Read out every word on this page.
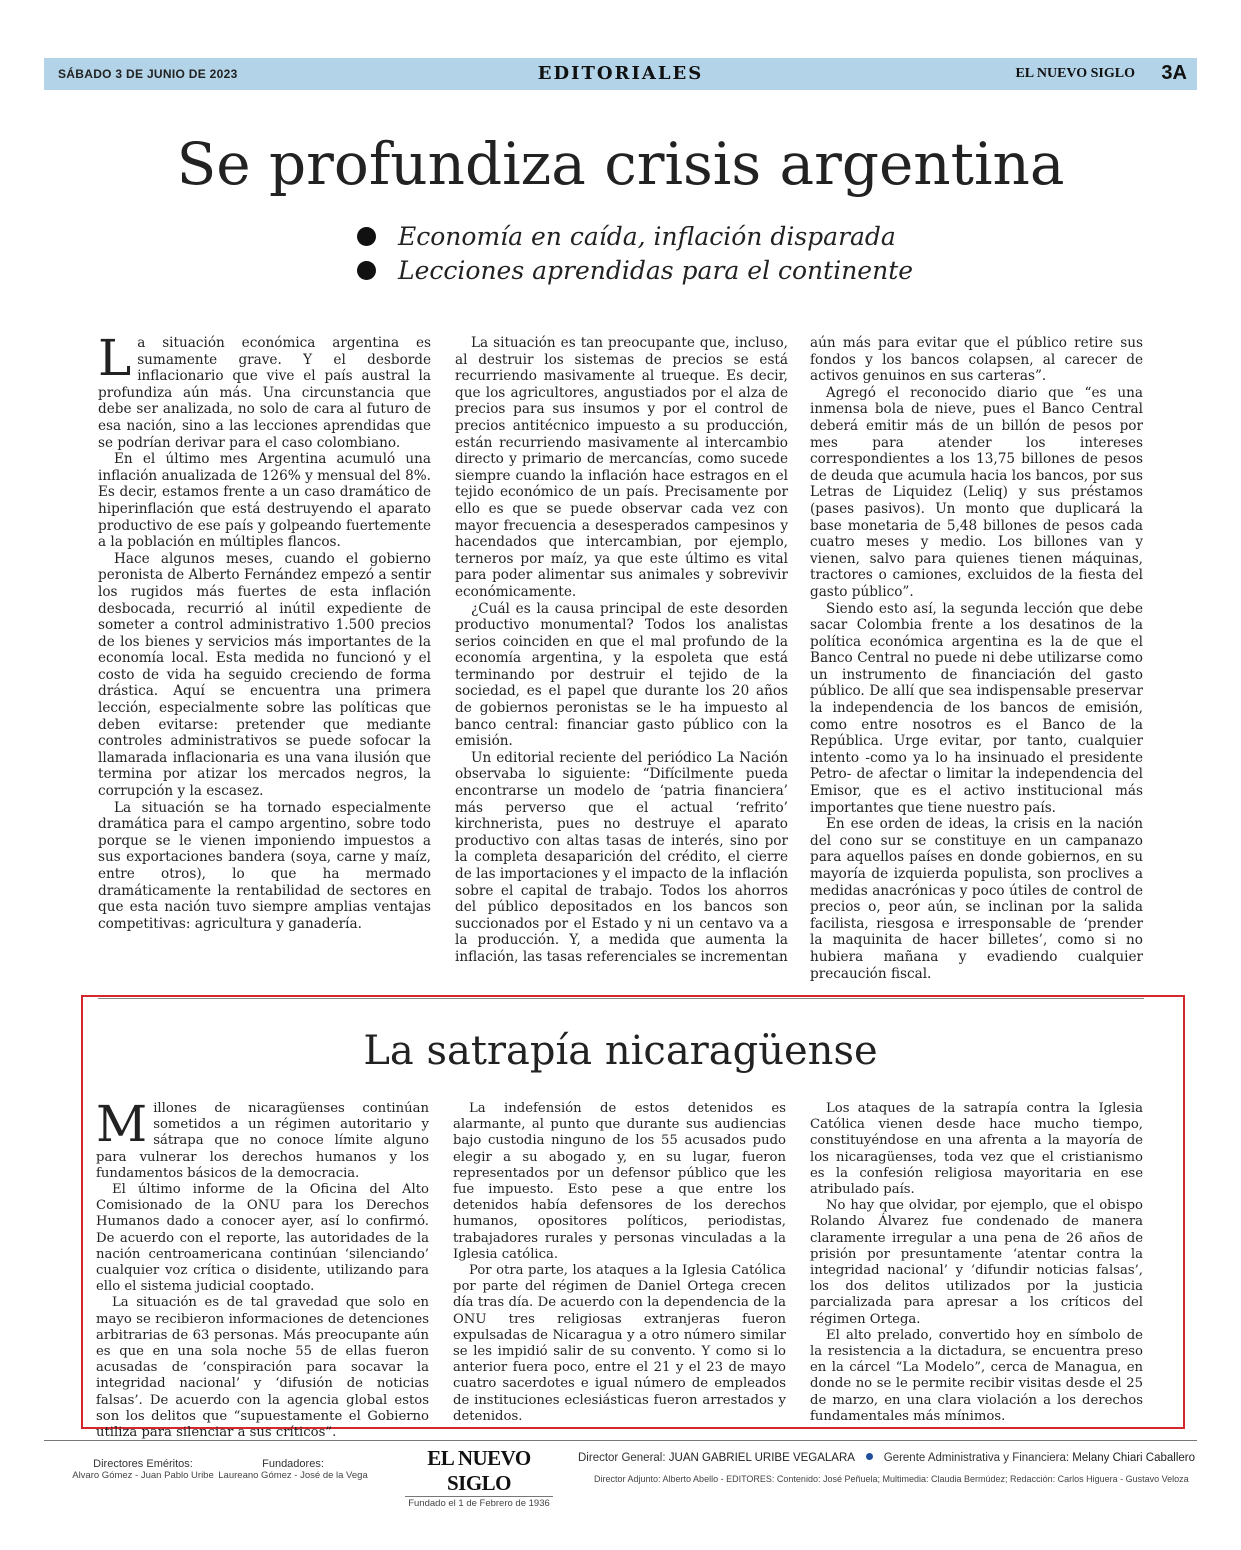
SÁBADO 3 DE JUNIO DE 2023	EDITORIALES	EL NUEVO SIGLO 3A
Se profundiza crisis argentina
Economía en caída, inflación disparada
Lecciones aprendidas para el continente

La situación económica argentina es sumamente grave. Y el desborde inflacionario que vive el país austral la profundiza aún más. Una circunstancia que debe ser analizada, no solo de cara al futuro de esa nación, sino a las lecciones aprendidas que se podrían derivar para el caso colombiano.

En el último mes Argentina acumuló una inflación anualizada de 126% y mensual del 8%. Es decir, estamos frente a un caso dramático de hiperinflación que está destruyendo el aparato productivo de ese país y golpeando fuertemente a la población en múltiples flancos.

Hace algunos meses, cuando el gobierno peronista de Alberto Fernández empezó a sentir los rugidos más fuertes de esta inflación desbocada, recurrió al inútil expediente de someter a control administrativo 1.500 precios de los bienes y servicios más importantes de la economía local. Esta medida no funcionó y el costo de vida ha seguido creciendo de forma drástica. Aquí se encuentra una primera lección, especialmente sobre las políticas que deben evitarse: pretender que mediante controles administrativos se puede sofocar la llamarada inflacionaria es una vana ilusión que termina por atizar los mercados negros, la corrupción y la escasez.

La situación se ha tornado especialmente dramática para el campo argentino, sobre todo porque se le vienen imponiendo impuestos a sus exportaciones bandera (soya, carne y maíz, entre otros), lo que ha mermado dramáticamente la rentabilidad de sectores en que esta nación tuvo siempre amplias ventajas competitivas: agricultura y ganadería.

La situación es tan preocupante que, incluso, al destruir los sistemas de precios se está recurriendo masivamente al trueque. Es decir, que los agricultores, angustiados por el alza de precios para sus insumos y por el control de precios antitécnico impuesto a su producción, están recurriendo masivamente al intercambio directo y primario de mercancías, como sucede siempre cuando la inflación hace estragos en el tejido económico de un país. Precisamente por ello es que se puede observar cada vez con mayor frecuencia a desesperados campesinos y hacendados que intercambian, por ejemplo, terneros por maíz, ya que este último es vital para poder alimentar sus animales y sobrevivir económicamente.

¿Cuál es la causa principal de este desorden productivo monumental? Todos los analistas serios coinciden en que el mal profundo de la economía argentina, y la espoleta que está terminando por destruir el tejido de la sociedad, es el papel que durante los 20 años de gobiernos peronistas se le ha impuesto al banco central: financiar gasto público con la emisión.

Un editorial reciente del periódico La Nación observaba lo siguiente: “Difícilmente pueda encontrarse un modelo de ‘patria financiera’ más perverso que el actual ‘refrito’ kirchnerista, pues no destruye el aparato productivo con altas tasas de interés, sino por la completa desaparición del crédito, el cierre de las importaciones y el impacto de la inflación sobre el capital de trabajo. Todos los ahorros del público depositados en los bancos son succionados por el Estado y ni un centavo va a la producción. Y, a medida que aumenta la inflación, las tasas referenciales se incrementan

aún más para evitar que el público retire sus fondos y los bancos colapsen, al carecer de activos genuinos en sus carteras”.

Agregó el reconocido diario que “es una inmensa bola de nieve, pues el Banco Central deberá emitir más de un billón de pesos por mes para atender los intereses correspondientes a los 13,75 billones de pesos de deuda que acumula hacia los bancos, por sus Letras de Liquidez (Leliq) y sus préstamos (pases pasivos). Un monto que duplicará la base monetaria de 5,48 billones de pesos cada cuatro meses y medio. Los billones van y vienen, salvo para quienes tienen máquinas, tractores o camiones, excluidos de la fiesta del gasto público”.

Siendo esto así, la segunda lección que debe sacar Colombia frente a los desatinos de la política económica argentina es la de que el Banco Central no puede ni debe utilizarse como un instrumento de financiación del gasto público. De allí que sea indispensable preservar la independencia de los bancos de emisión, como entre nosotros es el Banco de la República. Urge evitar, por tanto, cualquier intento -como ya lo ha insinuado el presidente Petro- de afectar o limitar la independencia del Emisor, que es el activo institucional más importantes que tiene nuestro país.

En ese orden de ideas, la crisis en la nación del cono sur se constituye en un campanazo para aquellos países en donde gobiernos, en su mayoría de izquierda populista, son proclives a medidas anacrónicas y poco útiles de control de precios o, peor aún, se inclinan por la salida facilista, riesgosa e irresponsable de ‘prender la maquinita de hacer billetes’, como si no hubiera mañana y evadiendo cualquier precaución fiscal.

La satrapía nicaragüense

Millones de nicaragüenses continúan sometidos a un régimen autoritario y sátrapa que no conoce límite alguno para vulnerar los derechos humanos y los fundamentos básicos de la democracia.

El último informe de la Oficina del Alto Comisionado de la ONU para los Derechos Humanos dado a conocer ayer, así lo confirmó. De acuerdo con el reporte, las autoridades de la nación centroamericana continúan ‘silenciando’ cualquier voz crítica o disidente, utilizando para ello el sistema judicial cooptado.

La situación es de tal gravedad que solo en mayo se recibieron informaciones de detenciones arbitrarias de 63 personas. Más preocupante aún es que en una sola noche 55 de ellas fueron acusadas de ‘conspiración para socavar la integridad nacional’ y ‘difusión de noticias falsas’. De acuerdo con la agencia global estos son los delitos que “supuestamente el Gobierno utiliza para silenciar a sus críticos”.

La indefensión de estos detenidos es alarmante, al punto que durante sus audiencias bajo custodia ninguno de los 55 acusados pudo elegir a su abogado y, en su lugar, fueron representados por un defensor público que les fue impuesto. Esto pese a que entre los detenidos había defensores de los derechos humanos, opositores políticos, periodistas, trabajadores rurales y personas vinculadas a la Iglesia católica.

Por otra parte, los ataques a la Iglesia Católica por parte del régimen de Daniel Ortega crecen día tras día. De acuerdo con la dependencia de la ONU tres religiosas extranjeras fueron expulsadas de Nicaragua y a otro número similar se les impidió salir de su convento. Y como si lo anterior fuera poco, entre el 21 y el 23 de mayo cuatro sacerdotes e igual número de empleados de instituciones eclesiásticas fueron arrestados y detenidos.

Los ataques de la satrapía contra la Iglesia Católica vienen desde hace mucho tiempo, constituyéndose en una afrenta a la mayoría de los nicaragüenses, toda vez que el cristianismo es la confesión religiosa mayoritaria en ese atribulado país.

No hay que olvidar, por ejemplo, que el obispo Rolando Álvarez fue condenado de manera claramente irregular a una pena de 26 años de prisión por presuntamente ‘atentar contra la integridad nacional’ y ‘difundir noticias falsas’, los dos delitos utilizados por la justicia parcializada para apresar a los críticos del régimen Ortega.

El alto prelado, convertido hoy en símbolo de la resistencia a la dictadura, se encuentra preso en la cárcel “La Modelo”, cerca de Managua, en donde no se le permite recibir visitas desde el 25 de marzo, en una clara violación a los derechos fundamentales más mínimos.

Directores Eméritos:
Alvaro Gómez - Juan Pablo Uribe
Fundadores:
Laureano Gómez - José de la Vega
EL NUEVO SIGLO
Fundado el 1 de Febrero de 1936
Director General: JUAN GABRIEL URIBE VEGALARA	Gerente Administrativa y Financiera: Melany Chiari Caballero
Director Adjunto: Alberto Abello - EDITORES: Contenido: José Peñuela; Multimedia: Claudia Bermúdez; Redacción: Carlos Higuera - Gustavo Veloza
